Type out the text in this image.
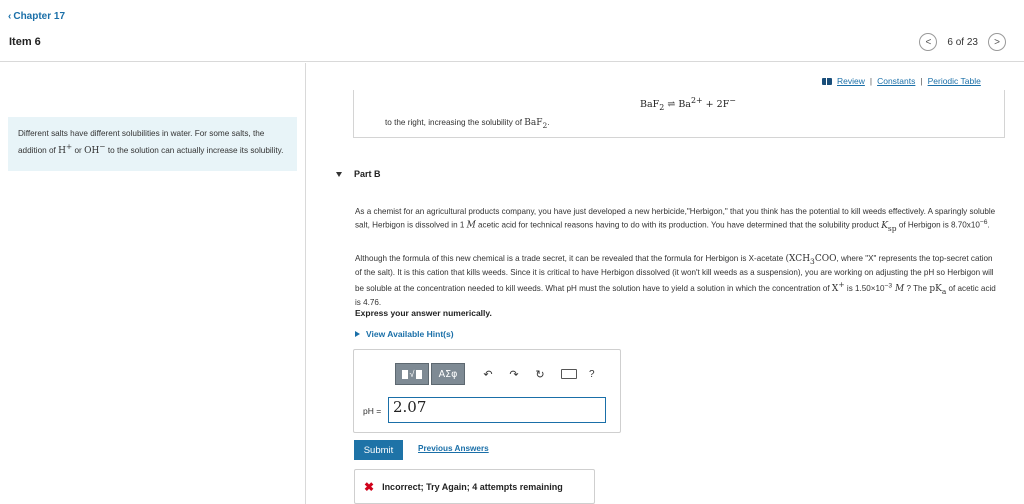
‹ Chapter 17
Item 6	< 6 of 23 >
Different salts have different solubilities in water. For some salts, the addition of H+ or OH− to the solution can actually increase its solubility.
Review | Constants | Periodic Table
BaF$_2$ ⇌ $Ba^{2+} + 2F^-$
to the right, increasing the solubility of BaF$_2$.
Part B
As a chemist for an agricultural products company, you have just developed a new herbicide,"Herbigon," that you think has the potential to kill weeds effectively. A sparingly soluble salt, Herbigon is dissolved in 1 M acetic acid for technical reasons having to do with its production. You have determined that the solubility product $K_{sp}$ of Herbigon is $8.70x10^{-6}$.
Although the formula of this new chemical is a trade secret, it can be revealed that the formula for Herbigon is X-acetate ($XCH_3COO$, where "X" represents the top-secret cation of the salt). It is this cation that kills weeds. Since it is critical to have Herbigon dissolved (it won't kill weeds as a suspension), you are working on adjusting the pH so Herbigon will be soluble at the concentration needed to kill weeds. What pH must the solution have to yield a solution in which the concentration of X+ is $1.50\times 10^{-3}$ M ? The $pK_a$ of acetic acid is 4.76.
Express your answer numerically.
View Available Hint(s)
√	AΣφ	↶ ↷ ↻	?
pH = 2.07
Submit	Previous Answers
✖ Incorrect; Try Again; 4 attempts remaining
